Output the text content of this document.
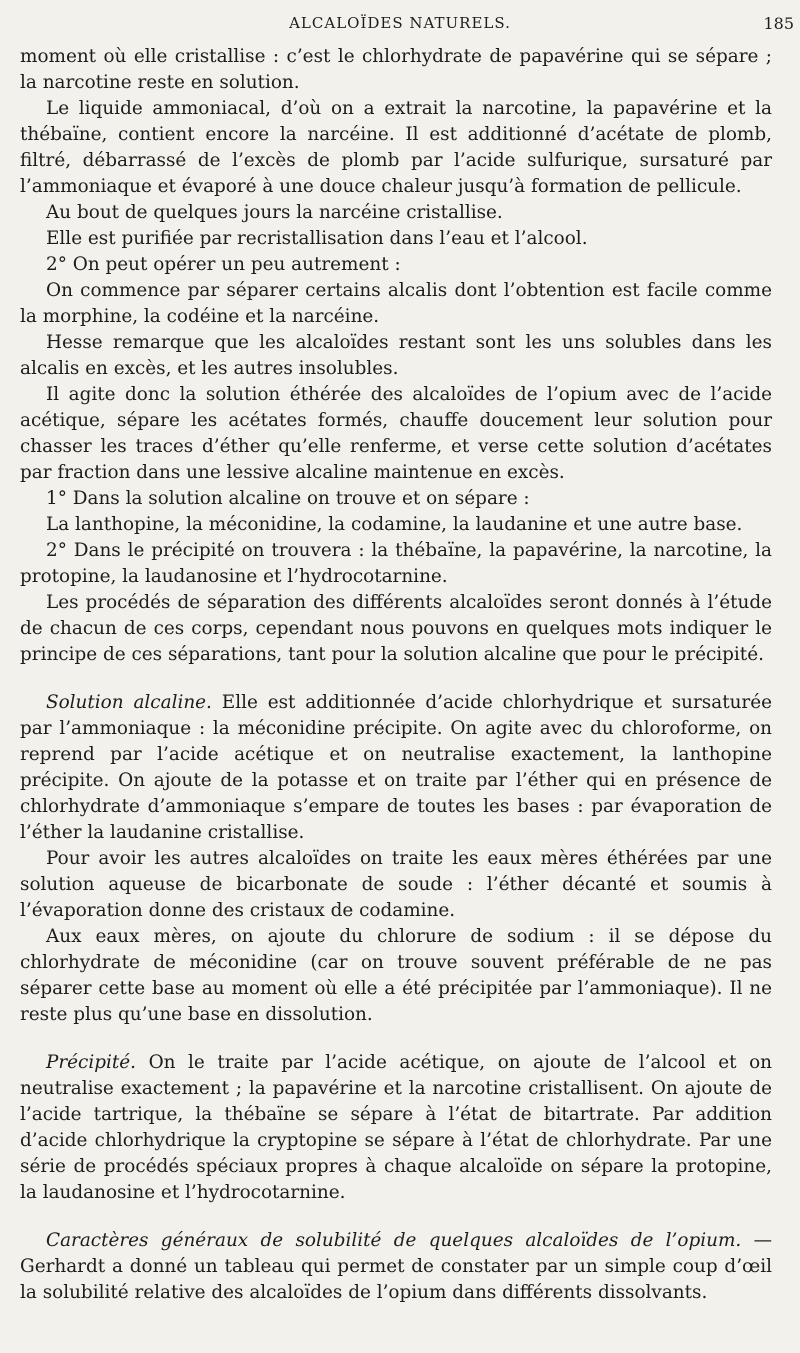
ALCALOÏDES NATURELS.	185

moment où elle cristallise : c’est le chlorhydrate de papavérine qui se sépare ; la narcotine reste en solution.

Le liquide ammoniacal, d’où on a extrait la narcotine, la papavérine et la thébaïne, contient encore la narcéine. Il est additionné d’acétate de plomb, filtré, débarrassé de l’excès de plomb par l’acide sulfurique, sursaturé par l’ammoniaque et évaporé à une douce chaleur jusqu’à formation de pellicule.

Au bout de quelques jours la narcéine cristallise.

Elle est purifiée par recristallisation dans l’eau et l’alcool.

2° On peut opérer un peu autrement :

On commence par séparer certains alcalis dont l’obtention est facile comme la morphine, la codéine et la narcéine.

Hesse remarque que les alcaloïdes restant sont les uns solubles dans les alcalis en excès, et les autres insolubles.

Il agite donc la solution éthérée des alcaloïdes de l’opium avec de l’acide acétique, sépare les acétates formés, chauffe doucement leur solution pour chasser les traces d’éther qu’elle renferme, et verse cette solution d’acétates par fraction dans une lessive alcaline maintenue en excès.

1° Dans la solution alcaline on trouve et on sépare :

La lanthopine, la méconidine, la codamine, la laudanine et une autre base.

2° Dans le précipité on trouvera : la thébaïne, la papavérine, la narcotine, la protopine, la laudanosine et l’hydrocotarnine.

Les procédés de séparation des différents alcaloïdes seront donnés à l’étude de chacun de ces corps, cependant nous pouvons en quelques mots indiquer le principe de ces séparations, tant pour la solution alcaline que pour le précipité.

Solution alcaline. Elle est additionnée d’acide chlorhydrique et sursaturée par l’ammoniaque : la méconidine précipite. On agite avec du chloroforme, on reprend par l’acide acétique et on neutralise exactement, la lanthopine précipite. On ajoute de la potasse et on traite par l’éther qui en présence de chlorhydrate d’ammoniaque s’empare de toutes les bases : par évaporation de l’éther la laudanine cristallise.

Pour avoir les autres alcaloïdes on traite les eaux mères éthérées par une solution aqueuse de bicarbonate de soude : l’éther décanté et soumis à l’évaporation donne des cristaux de codamine.

Aux eaux mères, on ajoute du chlorure de sodium : il se dépose du chlorhydrate de méconidine (car on trouve souvent préférable de ne pas séparer cette base au moment où elle a été précipitée par l’ammoniaque). Il ne reste plus qu’une base en dissolution.

Précipité. On le traite par l’acide acétique, on ajoute de l’alcool et on neutralise exactement ; la papavérine et la narcotine cristallisent. On ajoute de l’acide tartrique, la thébaïne se sépare à l’état de bitartrate. Par addition d’acide chlorhydrique la cryptopine se sépare à l’état de chlorhydrate. Par une série de procédés spéciaux propres à chaque alcaloïde on sépare la protopine, la laudanosine et l’hydrocotarnine.

Caractères généraux de solubilité de quelques alcaloïdes de l’opium. — Gerhardt a donné un tableau qui permet de constater par un simple coup d’œil la solubilité relative des alcaloïdes de l’opium dans différents dissolvants.
